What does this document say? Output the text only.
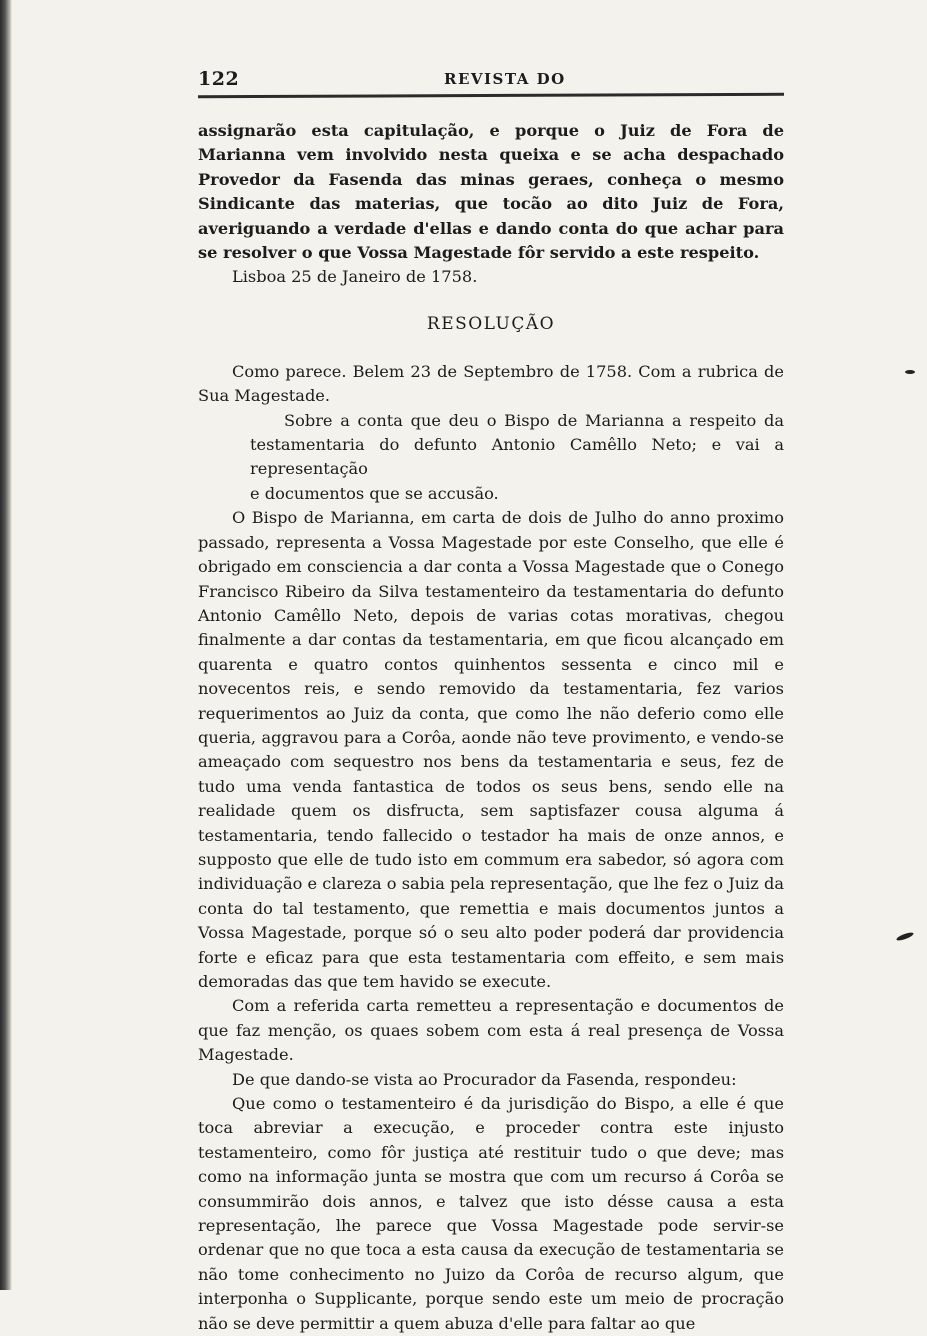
122	REVISTA DO

assignarão esta capitulação, e porque o Juiz de Fora de Marianna vem involvido nesta queixa e se acha despachado Provedor da Fasenda das minas geraes, conheça o mesmo Sindicante das materias, que tocão ao dito Juiz de Fora, averiguando a verdade d'ellas e dando conta do que achar para se resolver o que Vossa Magestade fôr servido a este respeito.

Lisboa 25 de Janeiro de 1758.

RESOLUÇÃO

Como parece. Belem 23 de Septembro de 1758. Com a rubrica de Sua Magestade.

Sobre a conta que deu o Bispo de Marianna a respeito da testamentaria do defunto Antonio Camêllo Neto; e vai a representação

e documentos que se accusão.

O Bispo de Marianna, em carta de dois de Julho do anno proximo passado, representa a Vossa Magestade por este Conselho, que elle é obrigado em consciencia a dar conta a Vossa Magestade que o Conego Francisco Ribeiro da Silva testamenteiro da testamentaria do defunto Antonio Camêllo Neto, depois de varias cotas morativas, chegou finalmente a dar contas da testamentaria, em que ficou alcançado em quarenta e quatro contos quinhentos sessenta e cinco mil e novecentos reis, e sendo removido da testamentaria, fez varios requerimentos ao Juiz da conta, que como lhe não deferio como elle queria, aggravou para a Corôa, aonde não teve provimento, e vendo-se ameaçado com sequestro nos bens da testamentaria e seus, fez de tudo uma venda fantastica de todos os seus bens, sendo elle na realidade quem os disfructa, sem saptisfazer cousa alguma á testamentaria, tendo fallecido o testador ha mais de onze annos, e supposto que elle de tudo isto em commum era sabedor, só agora com individuação e clareza o sabia pela representação, que lhe fez o Juiz da conta do tal testamento, que remettia e mais documentos juntos a Vossa Magestade, porque só o seu alto poder poderá dar providencia forte e eficaz para que esta testamentaria com effeito, e sem mais demoradas das que tem havido se execute.

Com a referida carta remetteu a representação e documentos de que faz menção, os quaes sobem com esta á real presença de Vossa Magestade.

De que dando-se vista ao Procurador da Fasenda, respondeu:

Que como o testamenteiro é da jurisdição do Bispo, a elle é que toca abreviar a execução, e proceder contra este injusto testamenteiro, como fôr justiça até restituir tudo o que deve; mas como na informação junta se mostra que com um recurso á Corôa se consummirão dois annos, e talvez que isto désse causa a esta representação, lhe parece que Vossa Magestade pode servir-se ordenar que no que toca a esta causa da execução de testamentaria se não tome conhecimento no Juizo da Corôa de recurso algum, que interponha o Supplicante, porque sendo este um meio de procração não se deve permittir a quem abuza d'elle para faltar ao que
